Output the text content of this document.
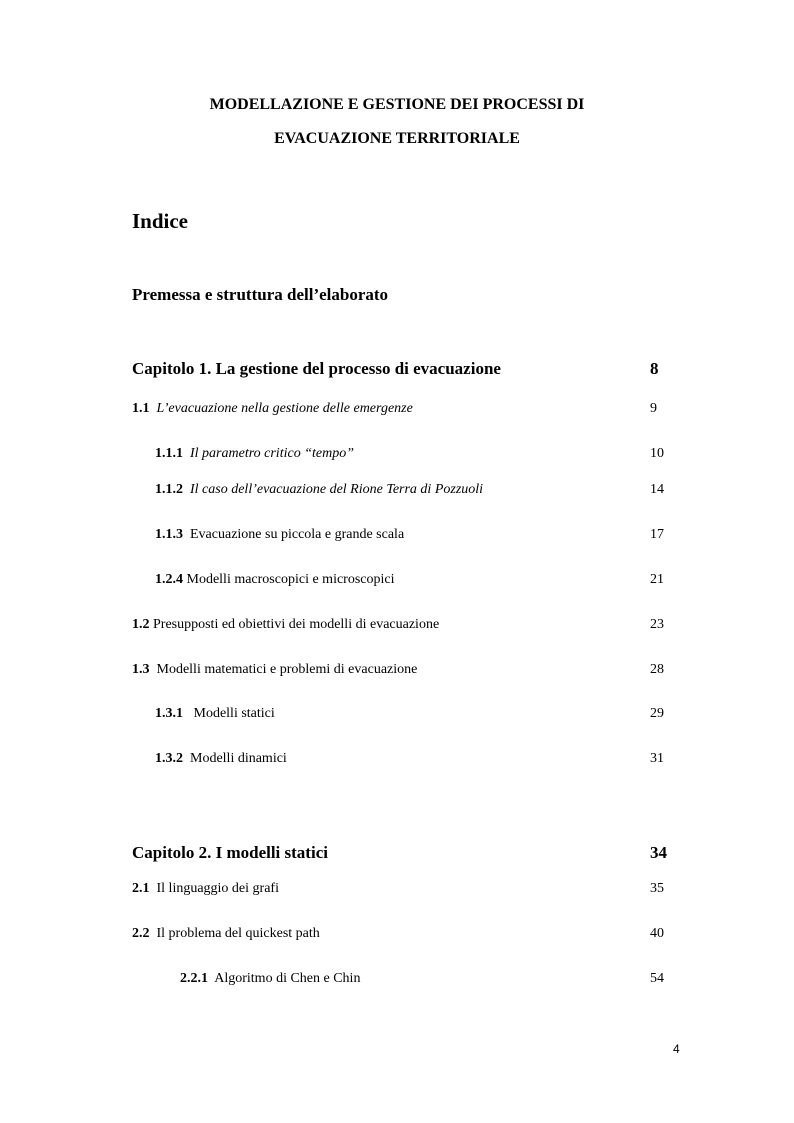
MODELLAZIONE E GESTIONE DEI PROCESSI DI
EVACUAZIONE TERRITORIALE
Indice
Premessa e struttura dell’elaborato
Capitolo 1. La gestione del processo di evacuazione	8
1.1 L’evacuazione nella gestione delle emergenze	9
1.1.1 Il parametro critico “tempo”	10
1.1.2 Il caso dell’evacuazione del Rione Terra di Pozzuoli	14
1.1.3 Evacuazione su piccola e grande scala	17
1.2.4 Modelli macroscopici e microscopici	21
1.2 Presupposti ed obiettivi dei modelli di evacuazione	23
1.3 Modelli matematici e problemi di evacuazione	28
1.3.1 Modelli statici	29
1.3.2 Modelli dinamici	31
Capitolo 2. I modelli statici	34
2.1 Il linguaggio dei grafi	35
2.2 Il problema del quickest path	40
2.2.1 Algoritmo di Chen e Chin	54
4
